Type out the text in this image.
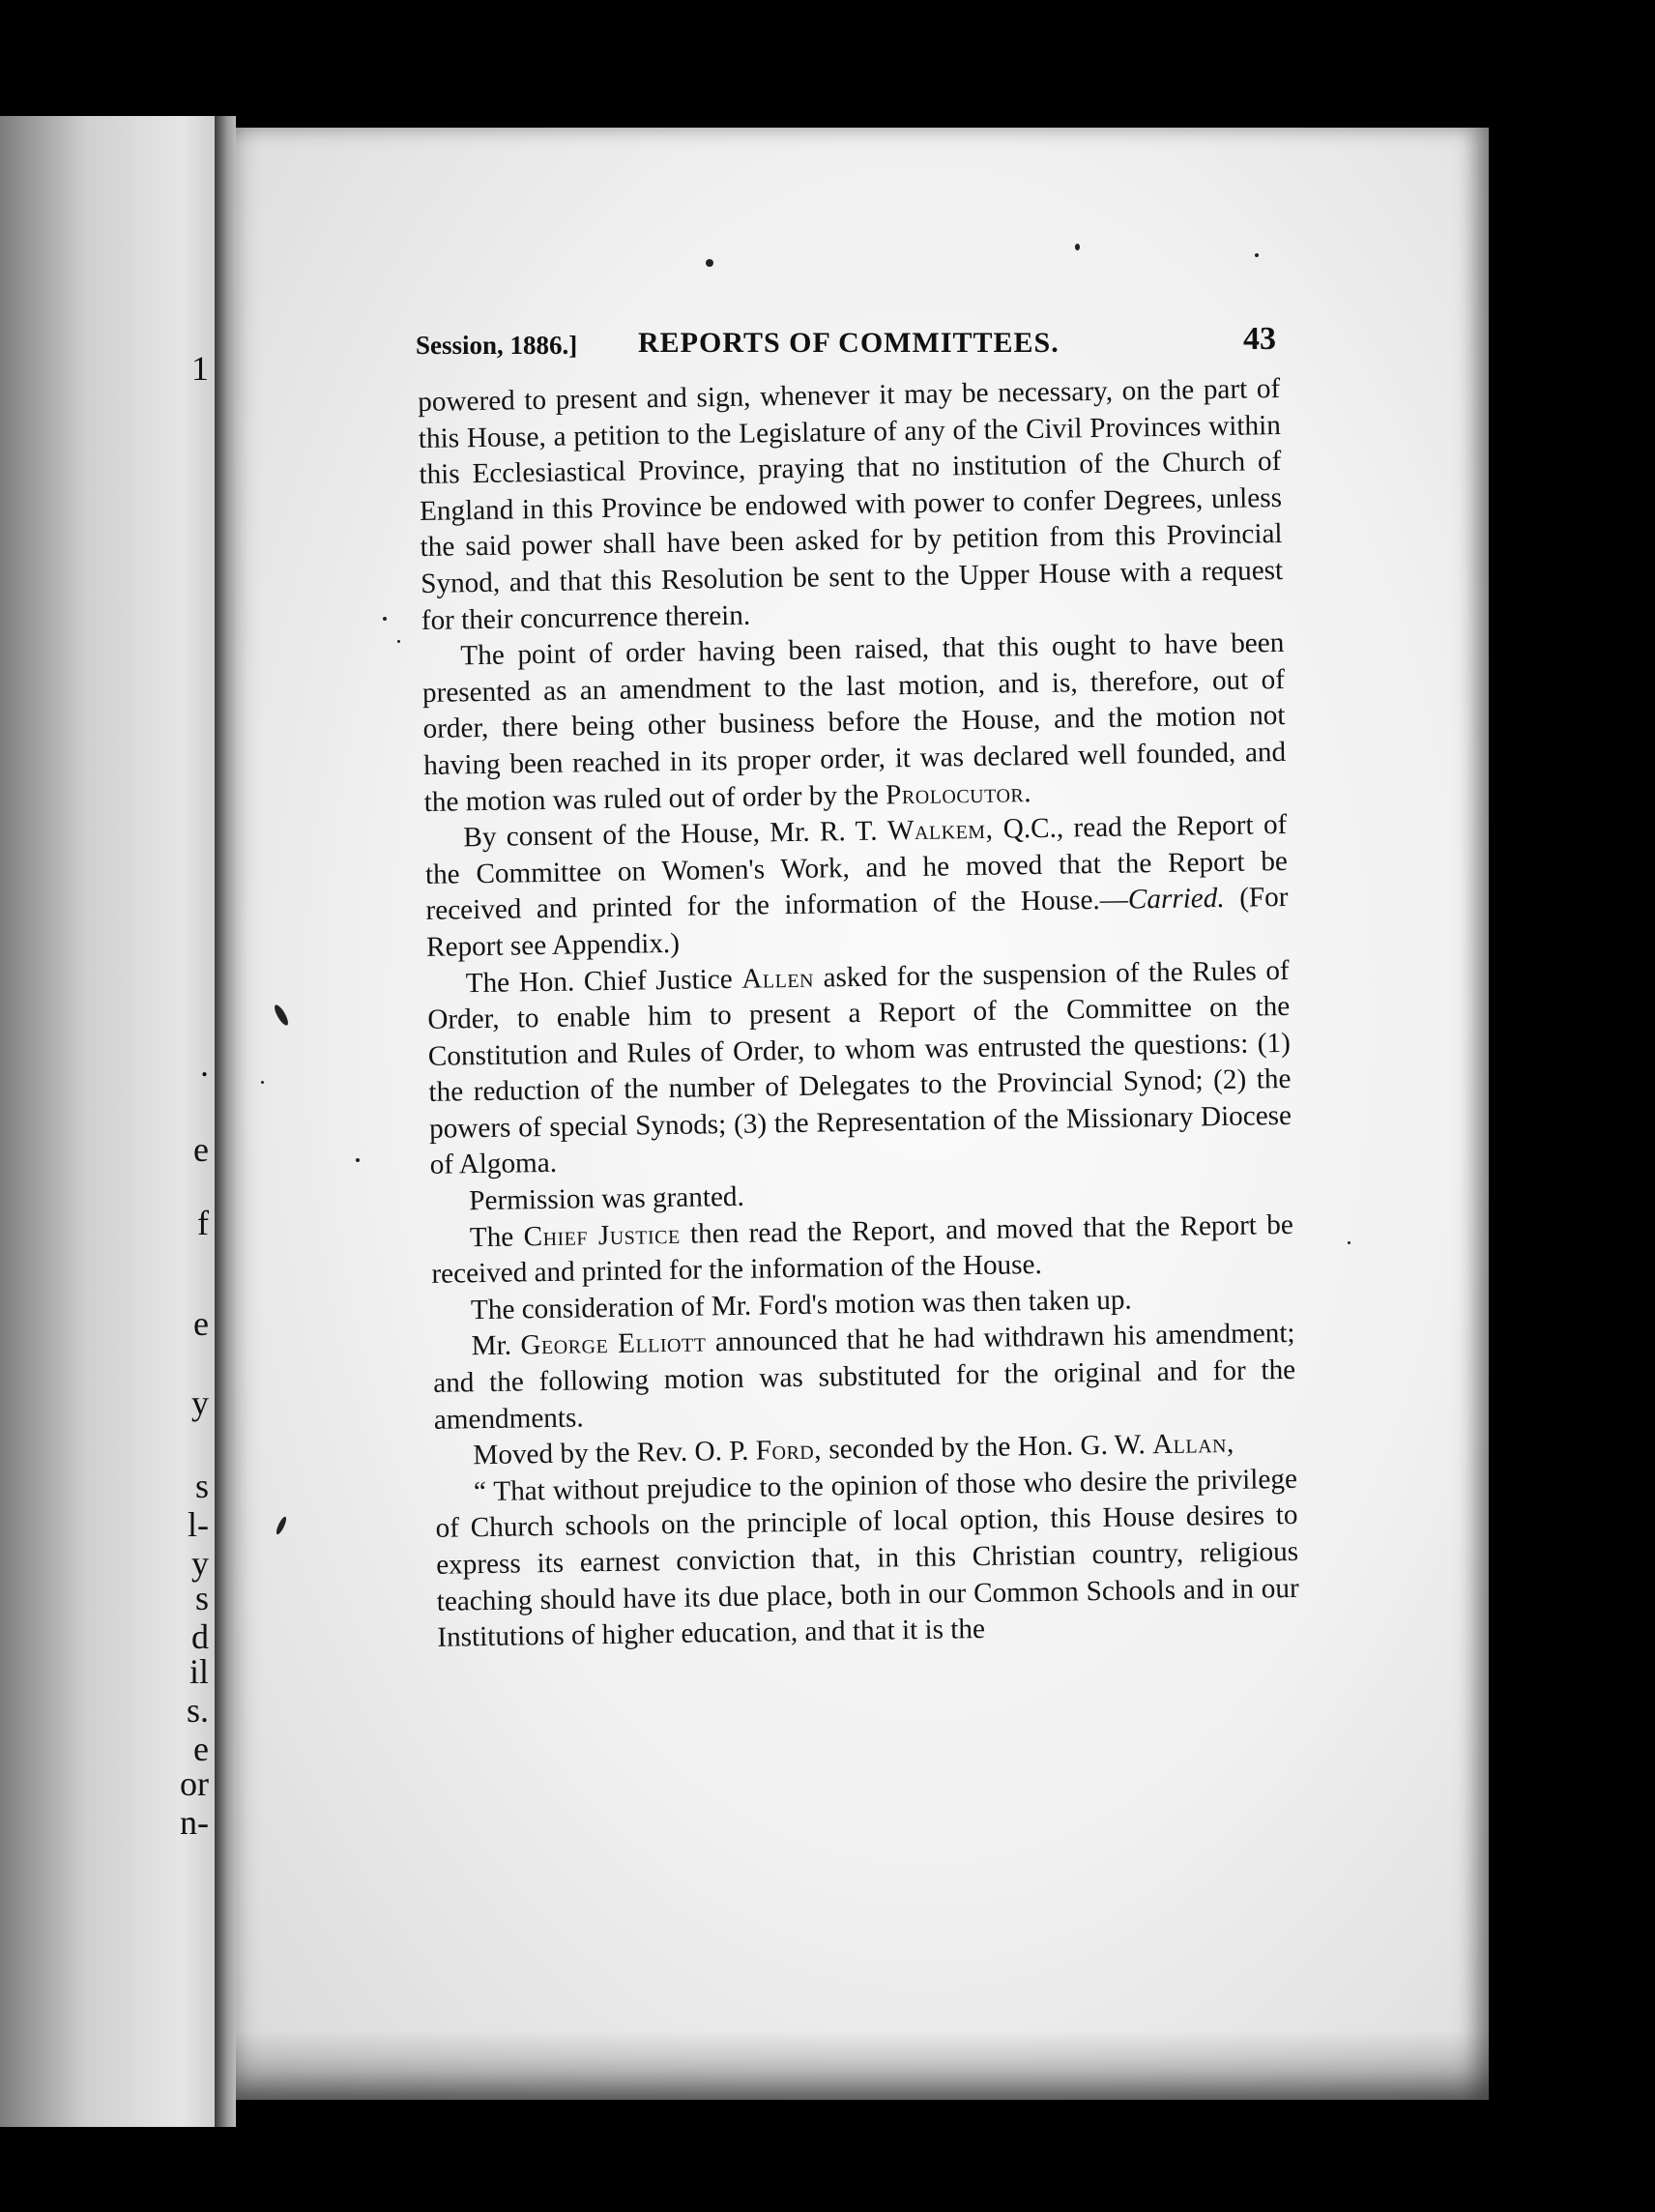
1
.
e
f
e
y
s
l-
y
s
d
il
s.
e
or
n-
Session, 1886.] REPORTS OF COMMITTEES.	43

powered to present and sign, whenever it may be necessary, on the part of this House, a petition to the Legislature of any of the Civil Provinces within this Ecclesiastical Province, praying that no institution of the Church of England in this Province be endowed with power to confer Degrees, unless the said power shall have been asked for by petition from this Provincial Synod, and that this Resolution be sent to the Upper House with a request for their concurrence therein.

The point of order having been raised, that this ought to have been presented as an amendment to the last motion, and is, therefore, out of order, there being other business before the House, and the motion not having been reached in its proper order, it was declared well founded, and the motion was ruled out of order by the Prolocutor.

By consent of the House, Mr. R. T. Walkem, Q.C., read the Report of the Committee on Women's Work, and he moved that the Report be received and printed for the information of the House.—Carried. (For Report see Appendix.)

The Hon. Chief Justice Allen asked for the suspension of the Rules of Order, to enable him to present a Report of the Committee on the Constitution and Rules of Order, to whom was entrusted the questions: (1) the reduction of the number of Delegates to the Provincial Synod; (2) the powers of special Synods; (3) the Representation of the Missionary Diocese of Algoma.

Permission was granted.

The Chief Justice then read the Report, and moved that the Report be received and printed for the information of the House.

The consideration of Mr. Ford's motion was then taken up.

Mr. George Elliott announced that he had withdrawn his amendment; and the following motion was substituted for the original and for the amendments.

Moved by the Rev. O. P. Ford, seconded by the Hon. G. W. Allan,

“ That without prejudice to the opinion of those who desire the privilege of Church schools on the principle of local option, this House desires to express its earnest conviction that, in this Christian country, religious teaching should have its due place, both in our Common Schools and in our Institutions of higher education, and that it is the
